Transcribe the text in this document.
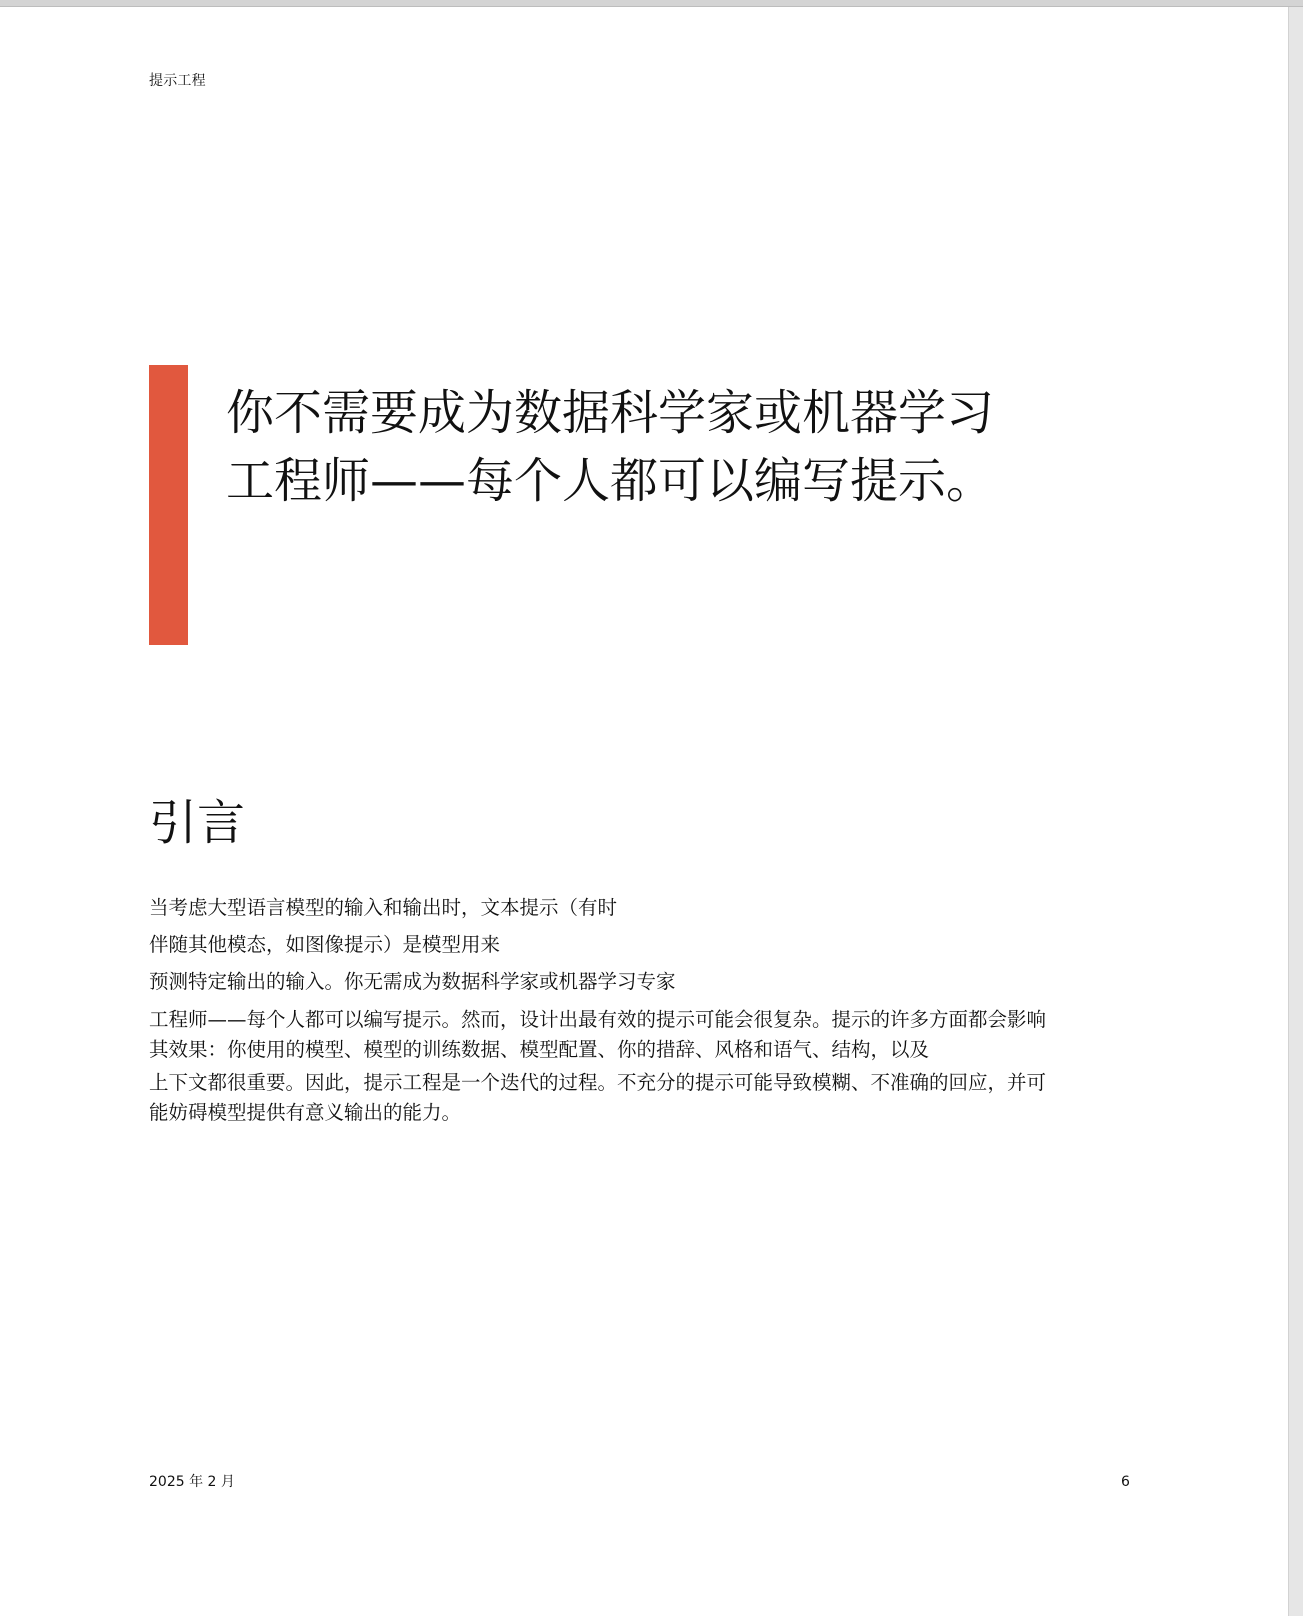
提示工程
你不需要成为数据科学家或机器学习
工程师——每个人都可以编写提示。
引言
当考虑大型语言模型的输入和输出时，文本提示（有时
伴随其他模态，如图像提示）是模型用来
预测特定输出的输入。你无需成为数据科学家或机器学习专家
工程师——每个人都可以编写提示。然而，设计出最有效的提示可能会很复杂。提示的许多方面都会影响
其效果：你使用的模型、模型的训练数据、模型配置、你的措辞、风格和语气、结构，以及
上下文都很重要。因此，提示工程是一个迭代的过程。不充分的提示可能导致模糊、不准确的回应，并可
能妨碍模型提供有意义输出的能力。
2025 年 2 月	6
